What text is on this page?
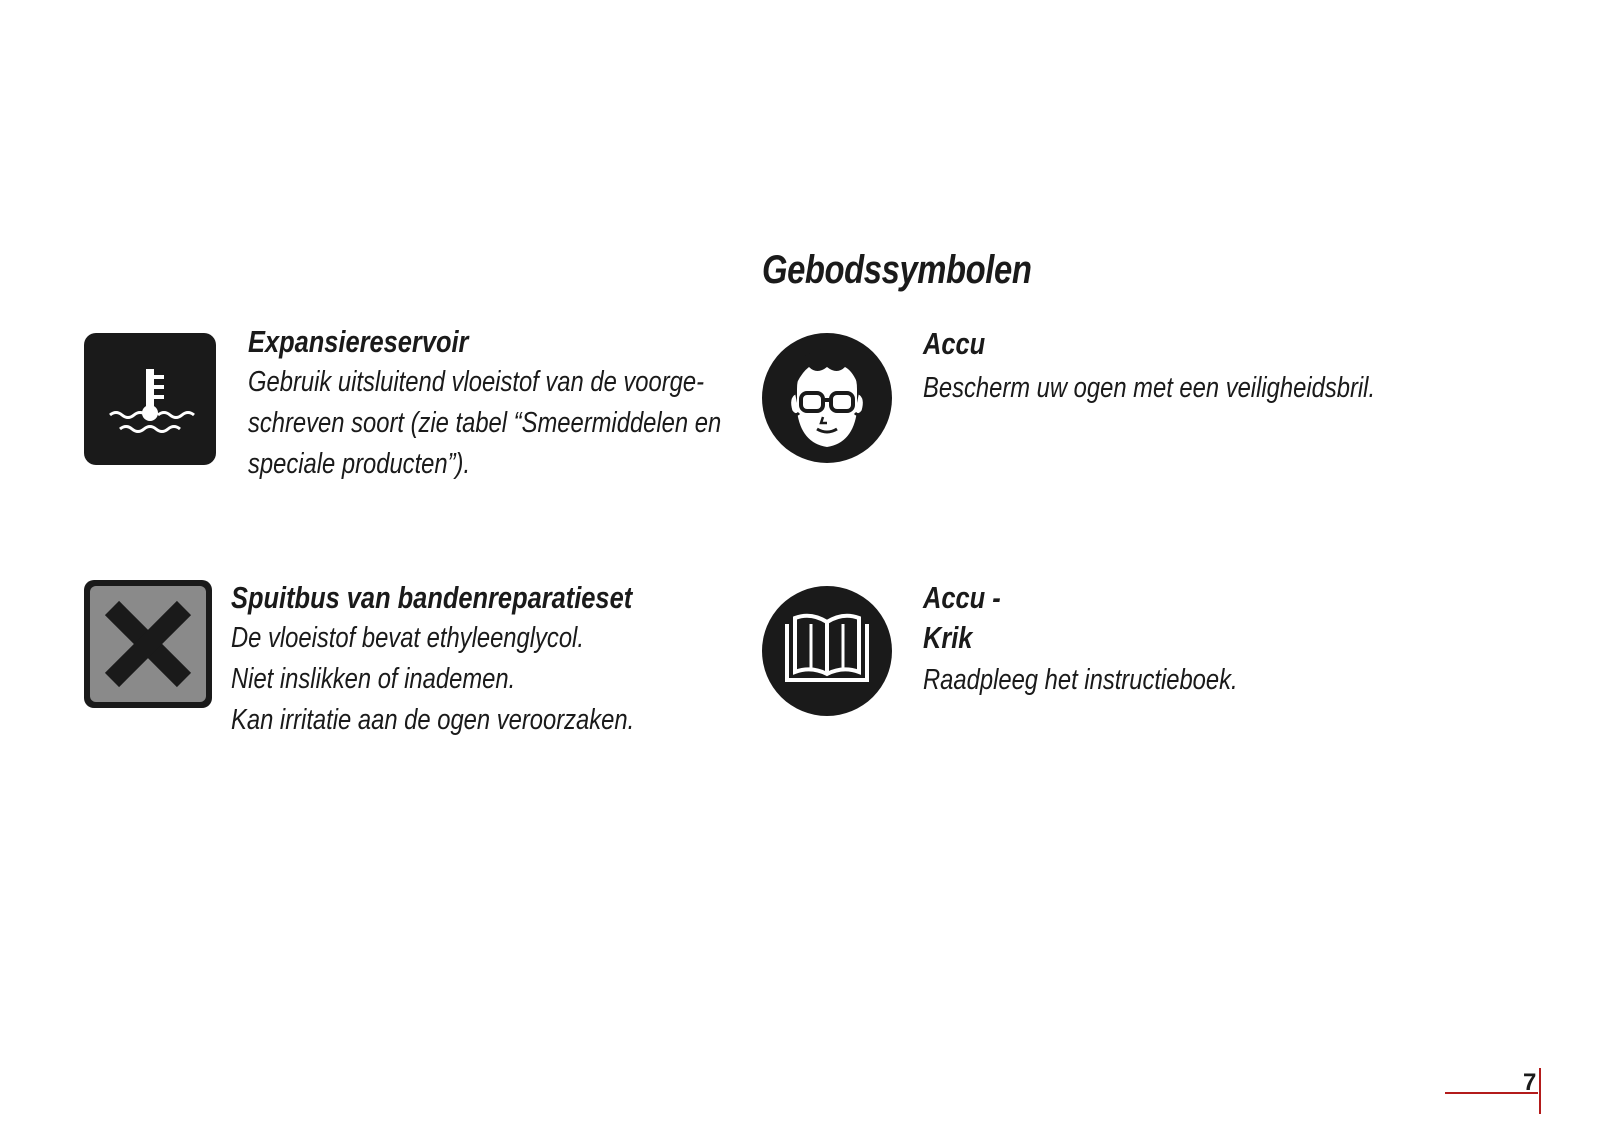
Gebodssymbolen
Expansiereservoir
Gebruik uitsluitend vloeistof van de voorge-
schreven soort (zie tabel “Smeermiddelen en
speciale producten”).
Spuitbus van bandenreparatieset
De vloeistof bevat ethyleenglycol.
Niet inslikken of inademen.
Kan irritatie aan de ogen veroorzaken.
Accu
Bescherm uw ogen met een veiligheidsbril.
Accu -
Krik
Raadpleeg het instructieboek.
7
